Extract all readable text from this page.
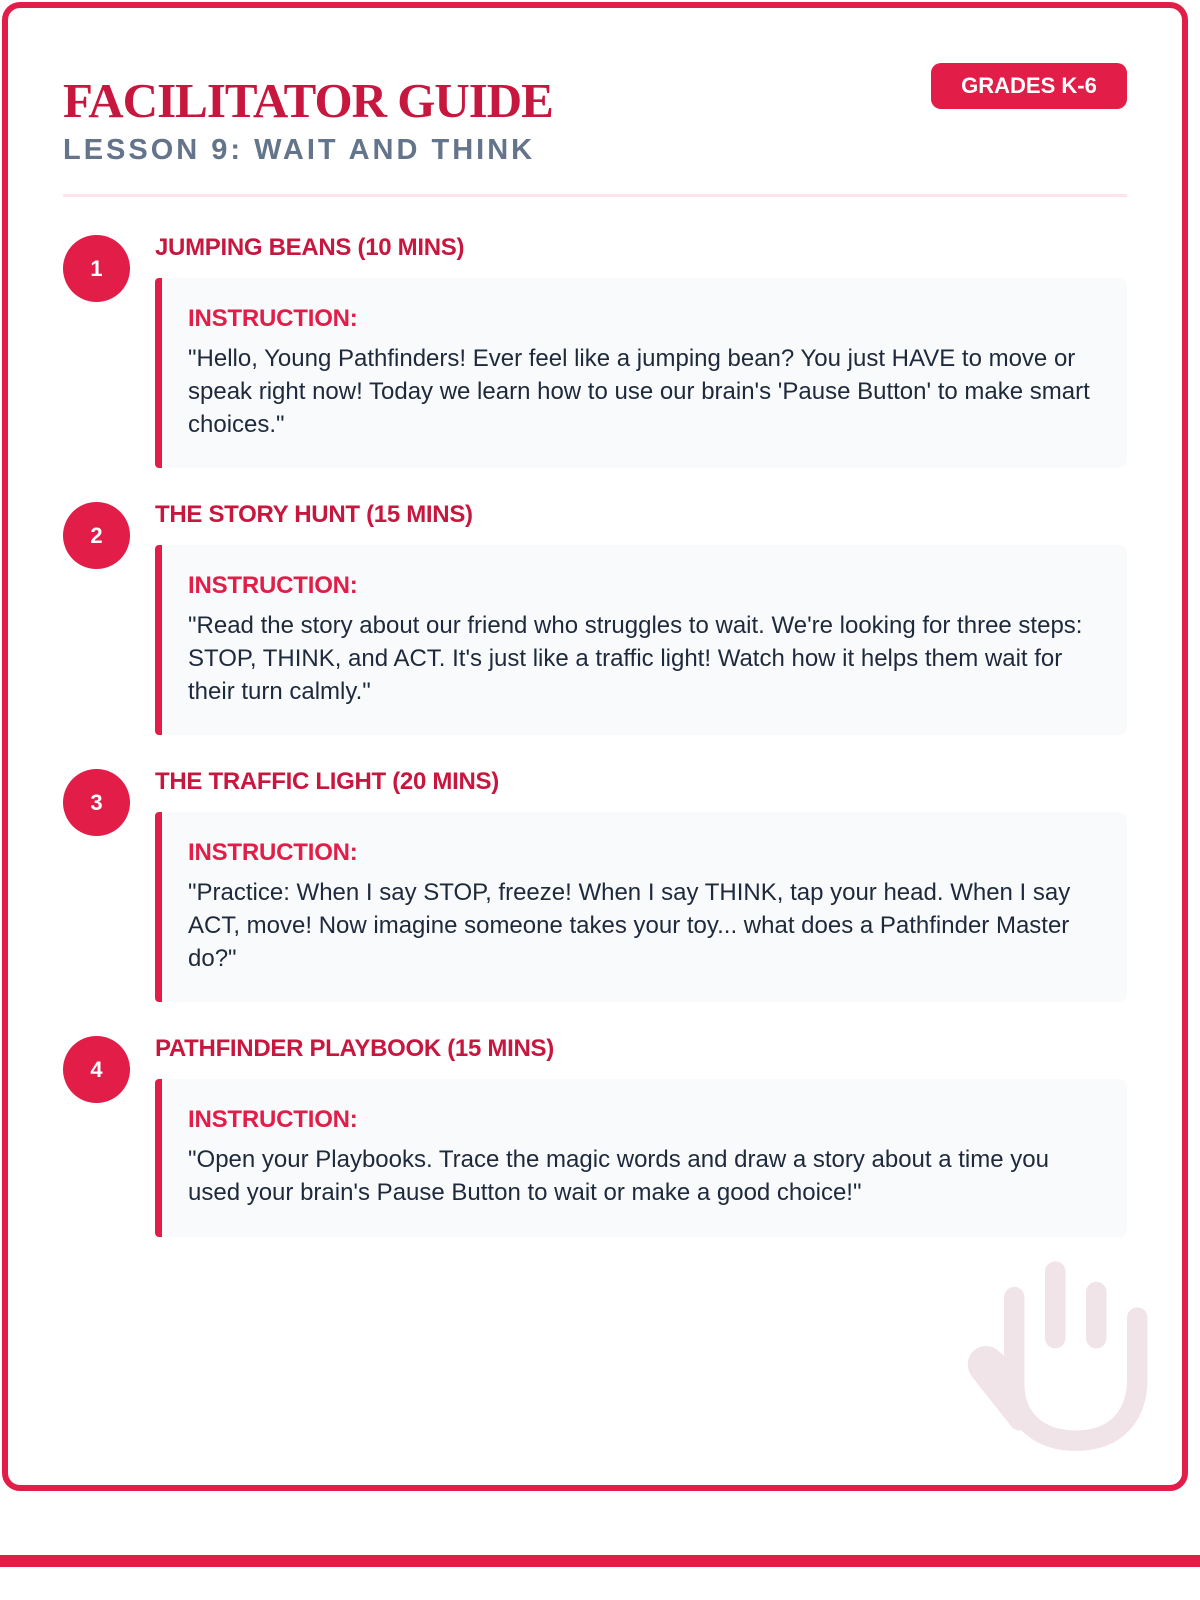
FACILITATOR GUIDE
LESSON 9: WAIT AND THINK
GRADES K-6
1
JUMPING BEANS (10 MINS)

INSTRUCTION:

"Hello, Young Pathfinders! Ever feel like a jumping bean? You just HAVE to move or speak right now! Today we learn how to use our brain's 'Pause Button' to make smart choices."

2
THE STORY HUNT (15 MINS)

INSTRUCTION:

"Read the story about our friend who struggles to wait. We're looking for three steps: STOP, THINK, and ACT. It's just like a traffic light! Watch how it helps them wait for their turn calmly."

3
THE TRAFFIC LIGHT (20 MINS)

INSTRUCTION:

"Practice: When I say STOP, freeze! When I say THINK, tap your head. When I say ACT, move! Now imagine someone takes your toy... what does a Pathfinder Master do?"

4
PATHFINDER PLAYBOOK (15 MINS)

INSTRUCTION:

"Open your Playbooks. Trace the magic words and draw a story about a time you used your brain's Pause Button to wait or make a good choice!"
